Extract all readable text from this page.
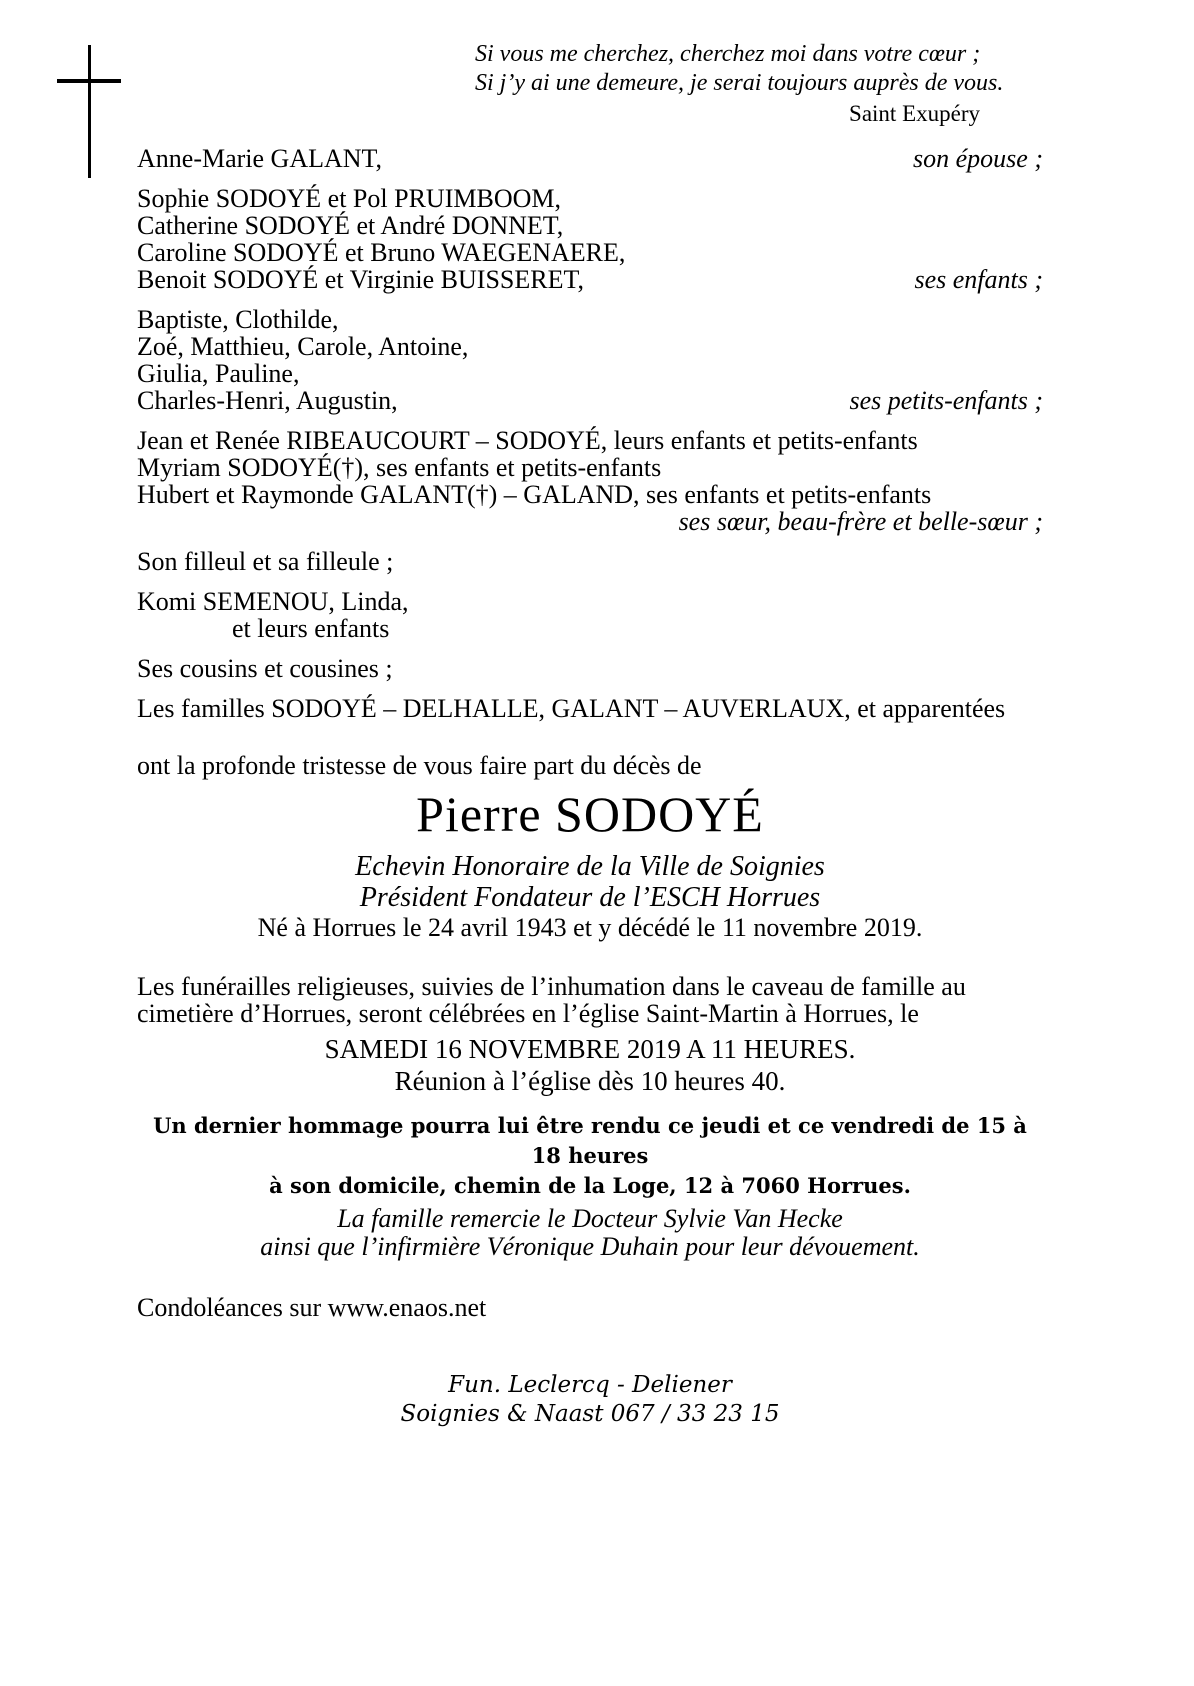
Si vous me cherchez, cherchez moi dans votre cœur ;
Si j’y ai une demeure, je serai toujours auprès de vous.
Saint Exupéry
Anne-Marie GALANT,	son épouse ;
Sophie SODOYÉ et Pol PRUIMBOOM,
Catherine SODOYÉ et André DONNET,
Caroline SODOYÉ et Bruno WAEGENAERE,
Benoit SODOYÉ et Virginie BUISSERET,	ses enfants ;
Baptiste, Clothilde,
Zoé, Matthieu, Carole, Antoine,
Giulia, Pauline,
Charles-Henri, Augustin,	ses petits-enfants ;
Jean et Renée RIBEAUCOURT – SODOYÉ, leurs enfants et petits-enfants
Myriam SODOYÉ(†), ses enfants et petits-enfants
Hubert et Raymonde GALANT(†) – GALAND, ses enfants et petits-enfants
ses sœur, beau-frère et belle-sœur ;
Son filleul et sa filleule ;
Komi SEMENOU, Linda,
et leurs enfants
Ses cousins et cousines ;
Les familles SODOYÉ – DELHALLE, GALANT – AUVERLAUX, et apparentées
ont la profonde tristesse de vous faire part du décès de
Pierre SODOYÉ
Echevin Honoraire de la Ville de Soignies
Président Fondateur de l’ESCH Horrues
Né à Horrues le 24 avril 1943 et y décédé le 11 novembre 2019.
Les funérailles religieuses, suivies de l’inhumation dans le caveau de famille au
cimetière d’Horrues, seront célébrées en l’église Saint-Martin à Horrues, le
SAMEDI 16 NOVEMBRE 2019 A 11 HEURES.
Réunion à l’église dès 10 heures 40.
Un dernier hommage pourra lui être rendu ce jeudi et ce vendredi de 15 à 18 heures
à son domicile, chemin de la Loge, 12 à 7060 Horrues.
La famille remercie le Docteur Sylvie Van Hecke
ainsi que l’infirmière Véronique Duhain pour leur dévouement.
Condoléances sur www.enaos.net
Fun. Leclercq - Deliener
Soignies & Naast 067 / 33 23 15
